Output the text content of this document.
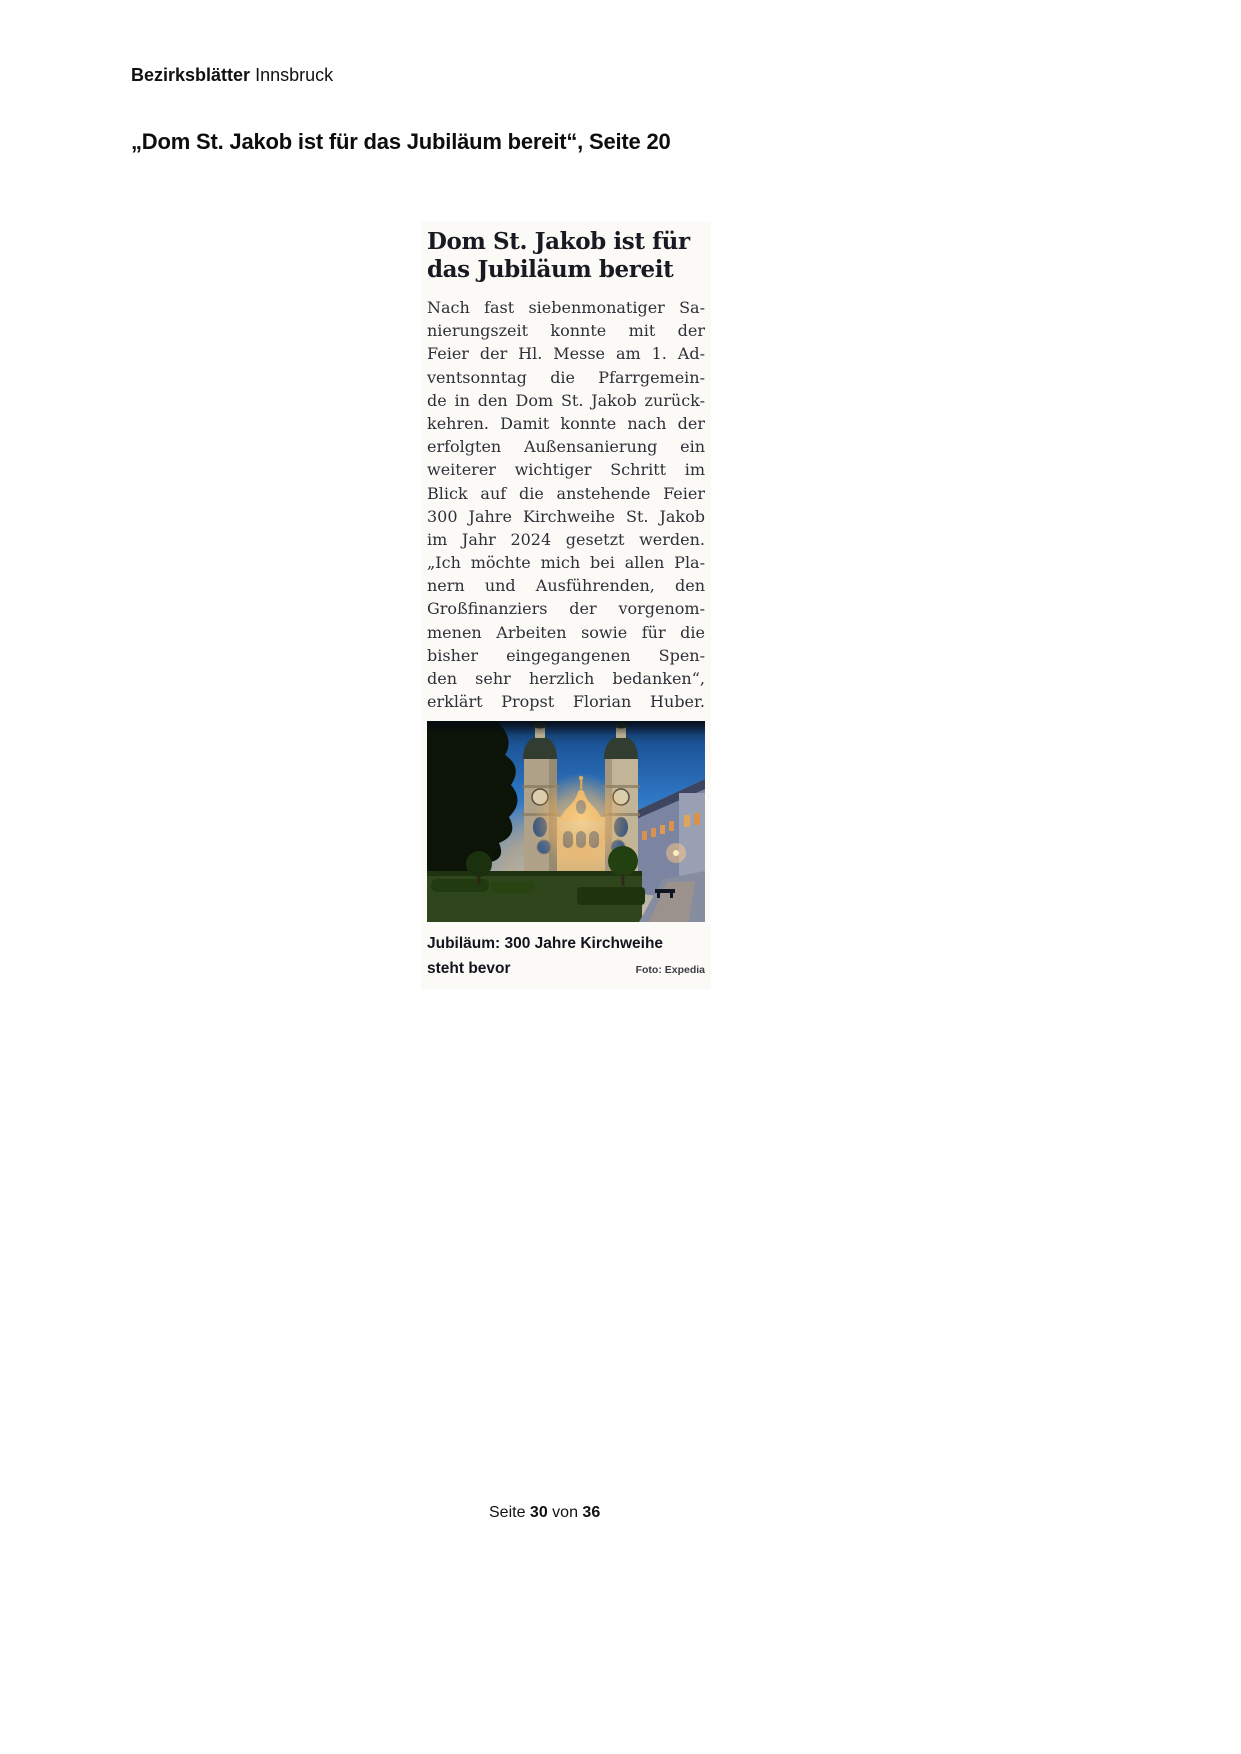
Bezirksblätter Innsbruck
„Dom St. Jakob ist für das Jubiläum bereit“, Seite 20
Dom St. Jakob ist für
das Jubiläum bereit
Nach fast siebenmonatiger Sa-
nierungszeit konnte mit der
Feier der Hl. Messe am 1. Ad-
ventsonntag die Pfarrgemein-
de in den Dom St. Jakob zurück-
kehren. Damit konnte nach der
erfolgten Außensanierung ein
weiterer wichtiger Schritt im
Blick auf die anstehende Feier
300 Jahre Kirchweihe St. Jakob
im Jahr 2024 gesetzt werden.
„Ich möchte mich bei allen Pla-
nern und Ausführenden, den
Großfinanziers der vorgenom-
menen Arbeiten sowie für die
bisher eingegangenen Spen-
den sehr herzlich bedanken“,
erklärt Propst Florian Huber.
Jubiläum: 300 Jahre Kirchweihe
steht bevor	Foto: Expedia
Seite 30 von 36
